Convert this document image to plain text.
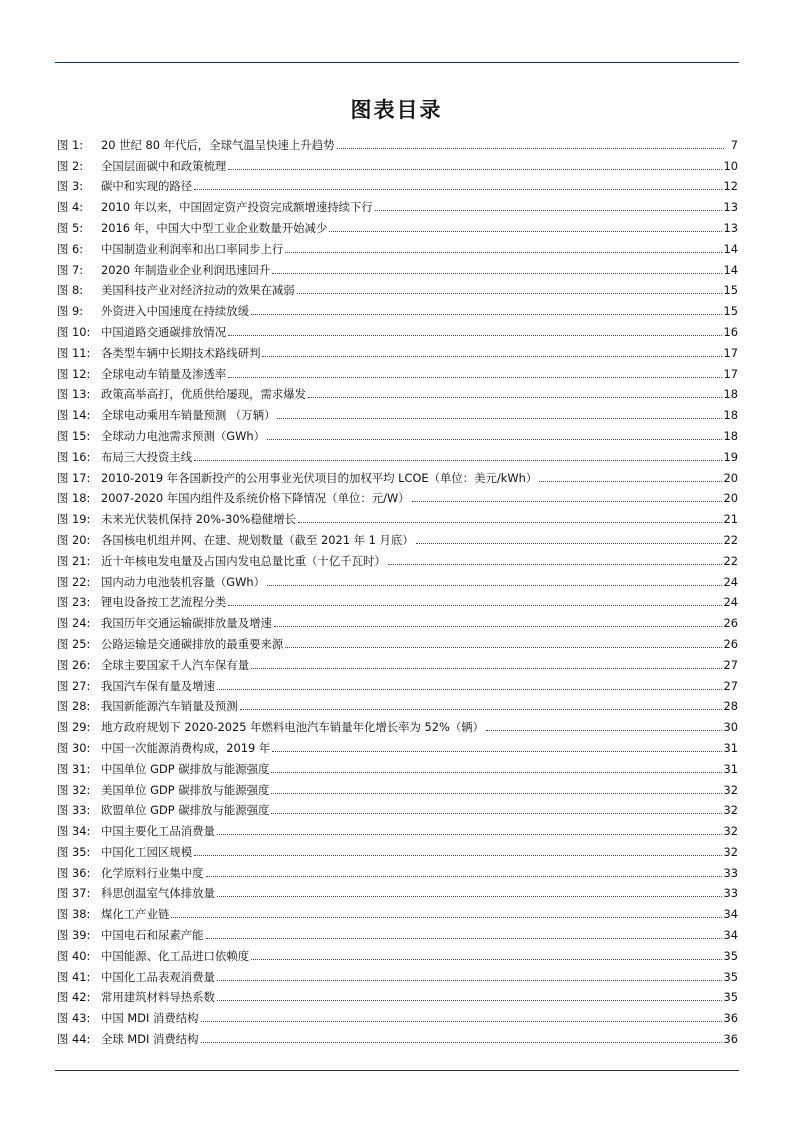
图表目录
图 1:	20 世纪 80 年代后，全球气温呈快速上升趋势	7
图 2:	全国层面碳中和政策梳理	10
图 3:	碳中和实现的路径	12
图 4:	2010 年以来，中国固定资产投资完成额增速持续下行	13
图 5:	2016 年，中国大中型工业企业数量开始减少	13
图 6:	中国制造业利润率和出口率同步上行	14
图 7:	2020 年制造业企业利润迅速回升	14
图 8:	美国科技产业对经济拉动的效果在减弱	15
图 9:	外资进入中国速度在持续放缓	15
图 10: 中国道路交通碳排放情况	16
图 11: 各类型车辆中长期技术路线研判	17
图 12: 全球电动车销量及渗透率	17
图 13: 政策高举高打，优质供给屡现，需求爆发	18
图 14: 全球电动乘用车销量预测 （万辆）	18
图 15: 全球动力电池需求预测（GWh）	18
图 16: 布局三大投资主线	19
图 17: 2010-2019 年各国新投产的公用事业光伏项目的加权平均 LCOE（单位：美元/kWh）	20
图 18: 2007-2020 年国内组件及系统价格下降情况（单位：元/W）	20
图 19: 未来光伏装机保持 20%-30%稳健增长	21
图 20: 各国核电机组并网、在建、规划数量（截至 2021 年 1 月底）	22
图 21: 近十年核电发电量及占国内发电总量比重（十亿千瓦时）	22
图 22: 国内动力电池装机容量（GWh）	24
图 23: 锂电设备按工艺流程分类	24
图 24: 我国历年交通运输碳排放量及增速	26
图 25: 公路运输是交通碳排放的最重要来源	26
图 26: 全球主要国家千人汽车保有量	27
图 27: 我国汽车保有量及增速	27
图 28: 我国新能源汽车销量及预测	28
图 29: 地方政府规划下 2020-2025 年燃料电池汽车销量年化增长率为 52%（辆）	30
图 30: 中国一次能源消费构成，2019 年	31
图 31: 中国单位 GDP 碳排放与能源强度	31
图 32: 美国单位 GDP 碳排放与能源强度	32
图 33: 欧盟单位 GDP 碳排放与能源强度	32
图 34: 中国主要化工品消费量	32
图 35: 中国化工园区规模	32
图 36: 化学原料行业集中度	33
图 37: 科思创温室气体排放量	33
图 38: 煤化工产业链	34
图 39: 中国电石和尿素产能	34
图 40: 中国能源、化工品进口依赖度	35
图 41: 中国化工品表观消费量	35
图 42: 常用建筑材料导热系数	35
图 43: 中国 MDI 消费结构	36
图 44: 全球 MDI 消费结构	36
